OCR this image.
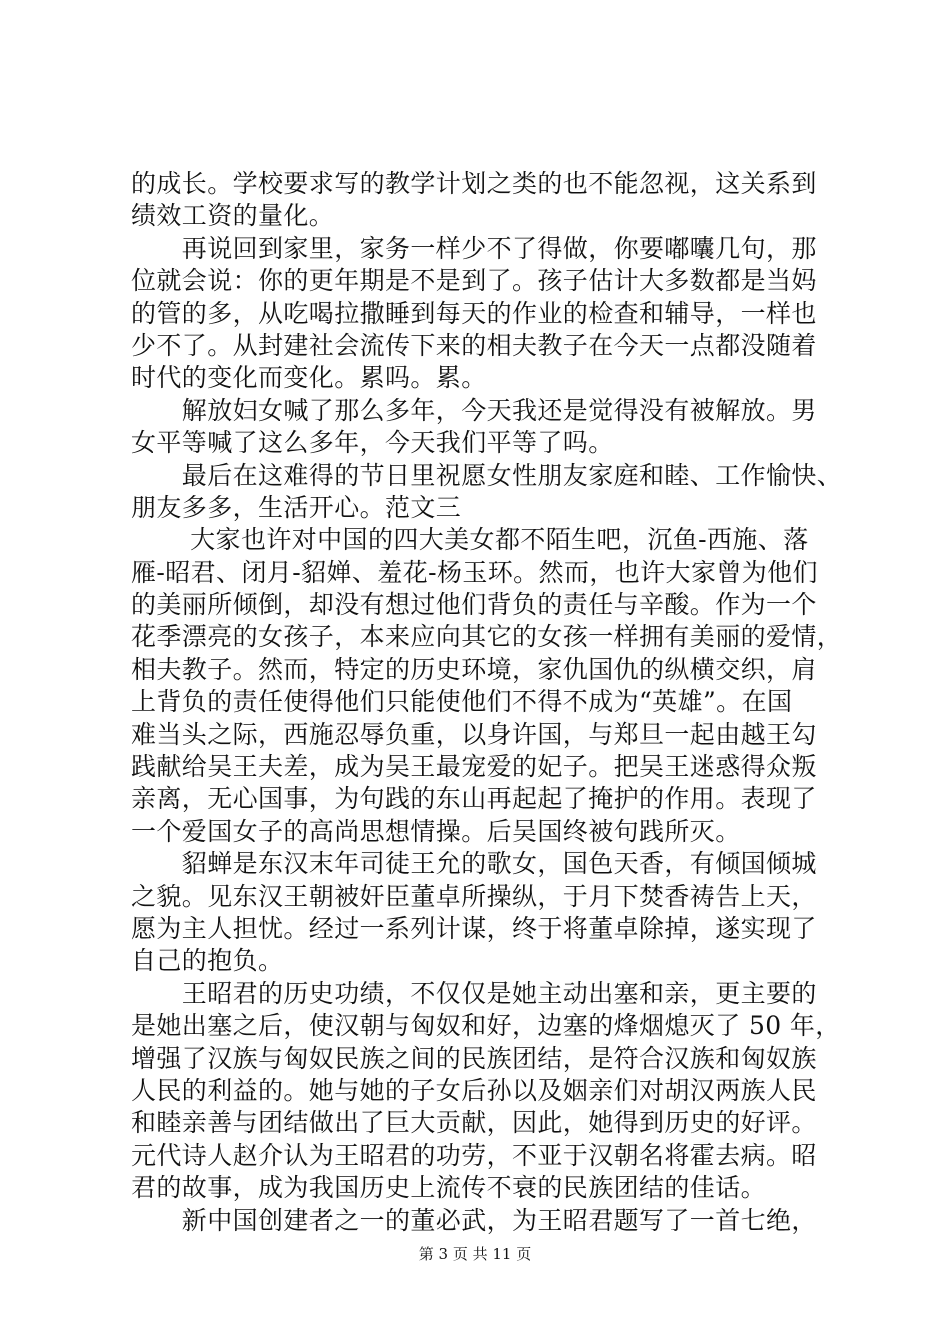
的成长。学校要求写的教学计划之类的也不能忽视，这关系到
绩效工资的量化。
　　再说回到家里，家务一样少不了得做，你要嘟囔几句，那
位就会说：你的更年期是不是到了。孩子估计大多数都是当妈
的管的多，从吃喝拉撒睡到每天的作业的检查和辅导，一样也
少不了。从封建社会流传下来的相夫教子在今天一点都没随着
时代的变化而变化。累吗。累。
　　解放妇女喊了那么多年，今天我还是觉得没有被解放。男
女平等喊了这么多年，今天我们平等了吗。
　　最后在这难得的节日里祝愿女性朋友家庭和睦、工作愉快、
朋友多多，生活开心。范文三
　　 大家也许对中国的四大美女都不陌生吧，沉鱼-西施、落
雁-昭君、闭月-貂婵、羞花-杨玉环。然而，也许大家曾为他们
的美丽所倾倒，却没有想过他们背负的责任与辛酸。作为一个
花季漂亮的女孩子，本来应向其它的女孩一样拥有美丽的爱情，
相夫教子。然而，特定的历史环境，家仇国仇的纵横交织，肩
上背负的责任使得他们只能使他们不得不成为“英雄”。在国
难当头之际，西施忍辱负重，以身许国，与郑旦一起由越王勾
践献给吴王夫差，成为吴王最宠爱的妃子。把吴王迷惑得众叛
亲离，无心国事，为句践的东山再起起了掩护的作用。表现了
一个爱国女子的高尚思想情操。后吴国终被句践所灭。
　　貂蝉是东汉末年司徒王允的歌女，国色天香，有倾国倾城
之貌。见东汉王朝被奸臣董卓所操纵，于月下焚香祷告上天，
愿为主人担忧。经过一系列计谋，终于将董卓除掉，遂实现了
自己的抱负。
　　王昭君的历史功绩，不仅仅是她主动出塞和亲，更主要的
是她出塞之后，使汉朝与匈奴和好，边塞的烽烟熄灭了 50 年，
增强了汉族与匈奴民族之间的民族团结，是符合汉族和匈奴族
人民的利益的。她与她的子女后孙以及姻亲们对胡汉两族人民
和睦亲善与团结做出了巨大贡献，因此，她得到历史的好评。
元代诗人赵介认为王昭君的功劳，不亚于汉朝名将霍去病。昭
君的故事，成为我国历史上流传不衰的民族团结的佳话。
　　新中国创建者之一的董必武，为王昭君题写了一首七绝，
第 3 页 共 11 页
